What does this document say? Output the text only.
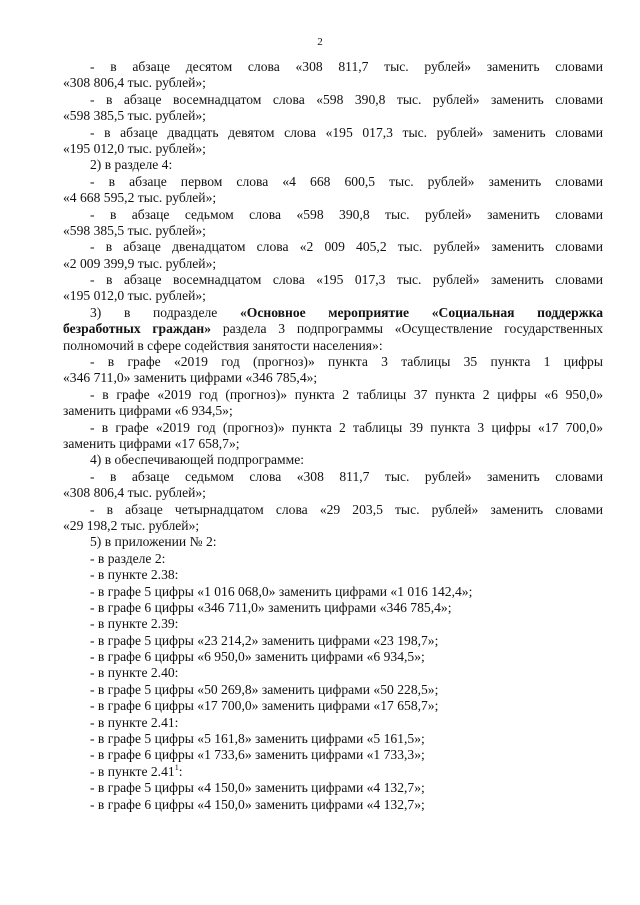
2
- в абзаце десятом слова «308 811,7 тыс. рублей» заменить словами
«308 806,4 тыс. рублей»;
- в абзаце восемнадцатом слова «598 390,8 тыс. рублей» заменить словами
«598 385,5 тыс. рублей»;
- в абзаце двадцать девятом слова «195 017,3 тыс. рублей» заменить словами
«195 012,0 тыс. рублей»;
2) в разделе 4:
- в абзаце первом слова «4 668 600,5 тыс. рублей» заменить словами
«4 668 595,2 тыс. рублей»;
- в абзаце седьмом слова «598 390,8 тыс. рублей» заменить словами
«598 385,5 тыс. рублей»;
- в абзаце двенадцатом слова «2 009 405,2 тыс. рублей» заменить словами
«2 009 399,9 тыс. рублей»;
- в абзаце восемнадцатом слова «195 017,3 тыс. рублей» заменить словами
«195 012,0 тыс. рублей»;
3) в подразделе «Основное мероприятие «Социальная поддержка
безработных граждан» раздела 3 подпрограммы «Осуществление государственных
полномочий в сфере содействия занятости населения»:
- в графе «2019 год (прогноз)» пункта 3 таблицы 35 пункта 1 цифры
«346 711,0» заменить цифрами «346 785,4»;
- в графе «2019 год (прогноз)» пункта 2 таблицы 37 пункта 2 цифры «6 950,0»
заменить цифрами «6 934,5»;
- в графе «2019 год (прогноз)» пункта 2 таблицы 39 пункта 3 цифры «17 700,0»
заменить цифрами «17 658,7»;
4) в обеспечивающей подпрограмме:
- в абзаце седьмом слова «308 811,7 тыс. рублей» заменить словами
«308 806,4 тыс. рублей»;
- в абзаце четырнадцатом слова «29 203,5 тыс. рублей» заменить словами
«29 198,2 тыс. рублей»;
5) в приложении № 2:
- в разделе 2:
- в пункте 2.38:
- в графе 5 цифры «1 016 068,0» заменить цифрами «1 016 142,4»;
- в графе 6 цифры «346 711,0» заменить цифрами «346 785,4»;
- в пункте 2.39:
- в графе 5 цифры «23 214,2» заменить цифрами «23 198,7»;
- в графе 6 цифры «6 950,0» заменить цифрами «6 934,5»;
- в пункте 2.40:
- в графе 5 цифры «50 269,8» заменить цифрами «50 228,5»;
- в графе 6 цифры «17 700,0» заменить цифрами «17 658,7»;
- в пункте 2.41:
- в графе 5 цифры «5 161,8» заменить цифрами «5 161,5»;
- в графе 6 цифры «1 733,6» заменить цифрами «1 733,3»;
- в пункте 2.41$^1$:
- в графе 5 цифры «4 150,0» заменить цифрами «4 132,7»;
- в графе 6 цифры «4 150,0» заменить цифрами «4 132,7»;
